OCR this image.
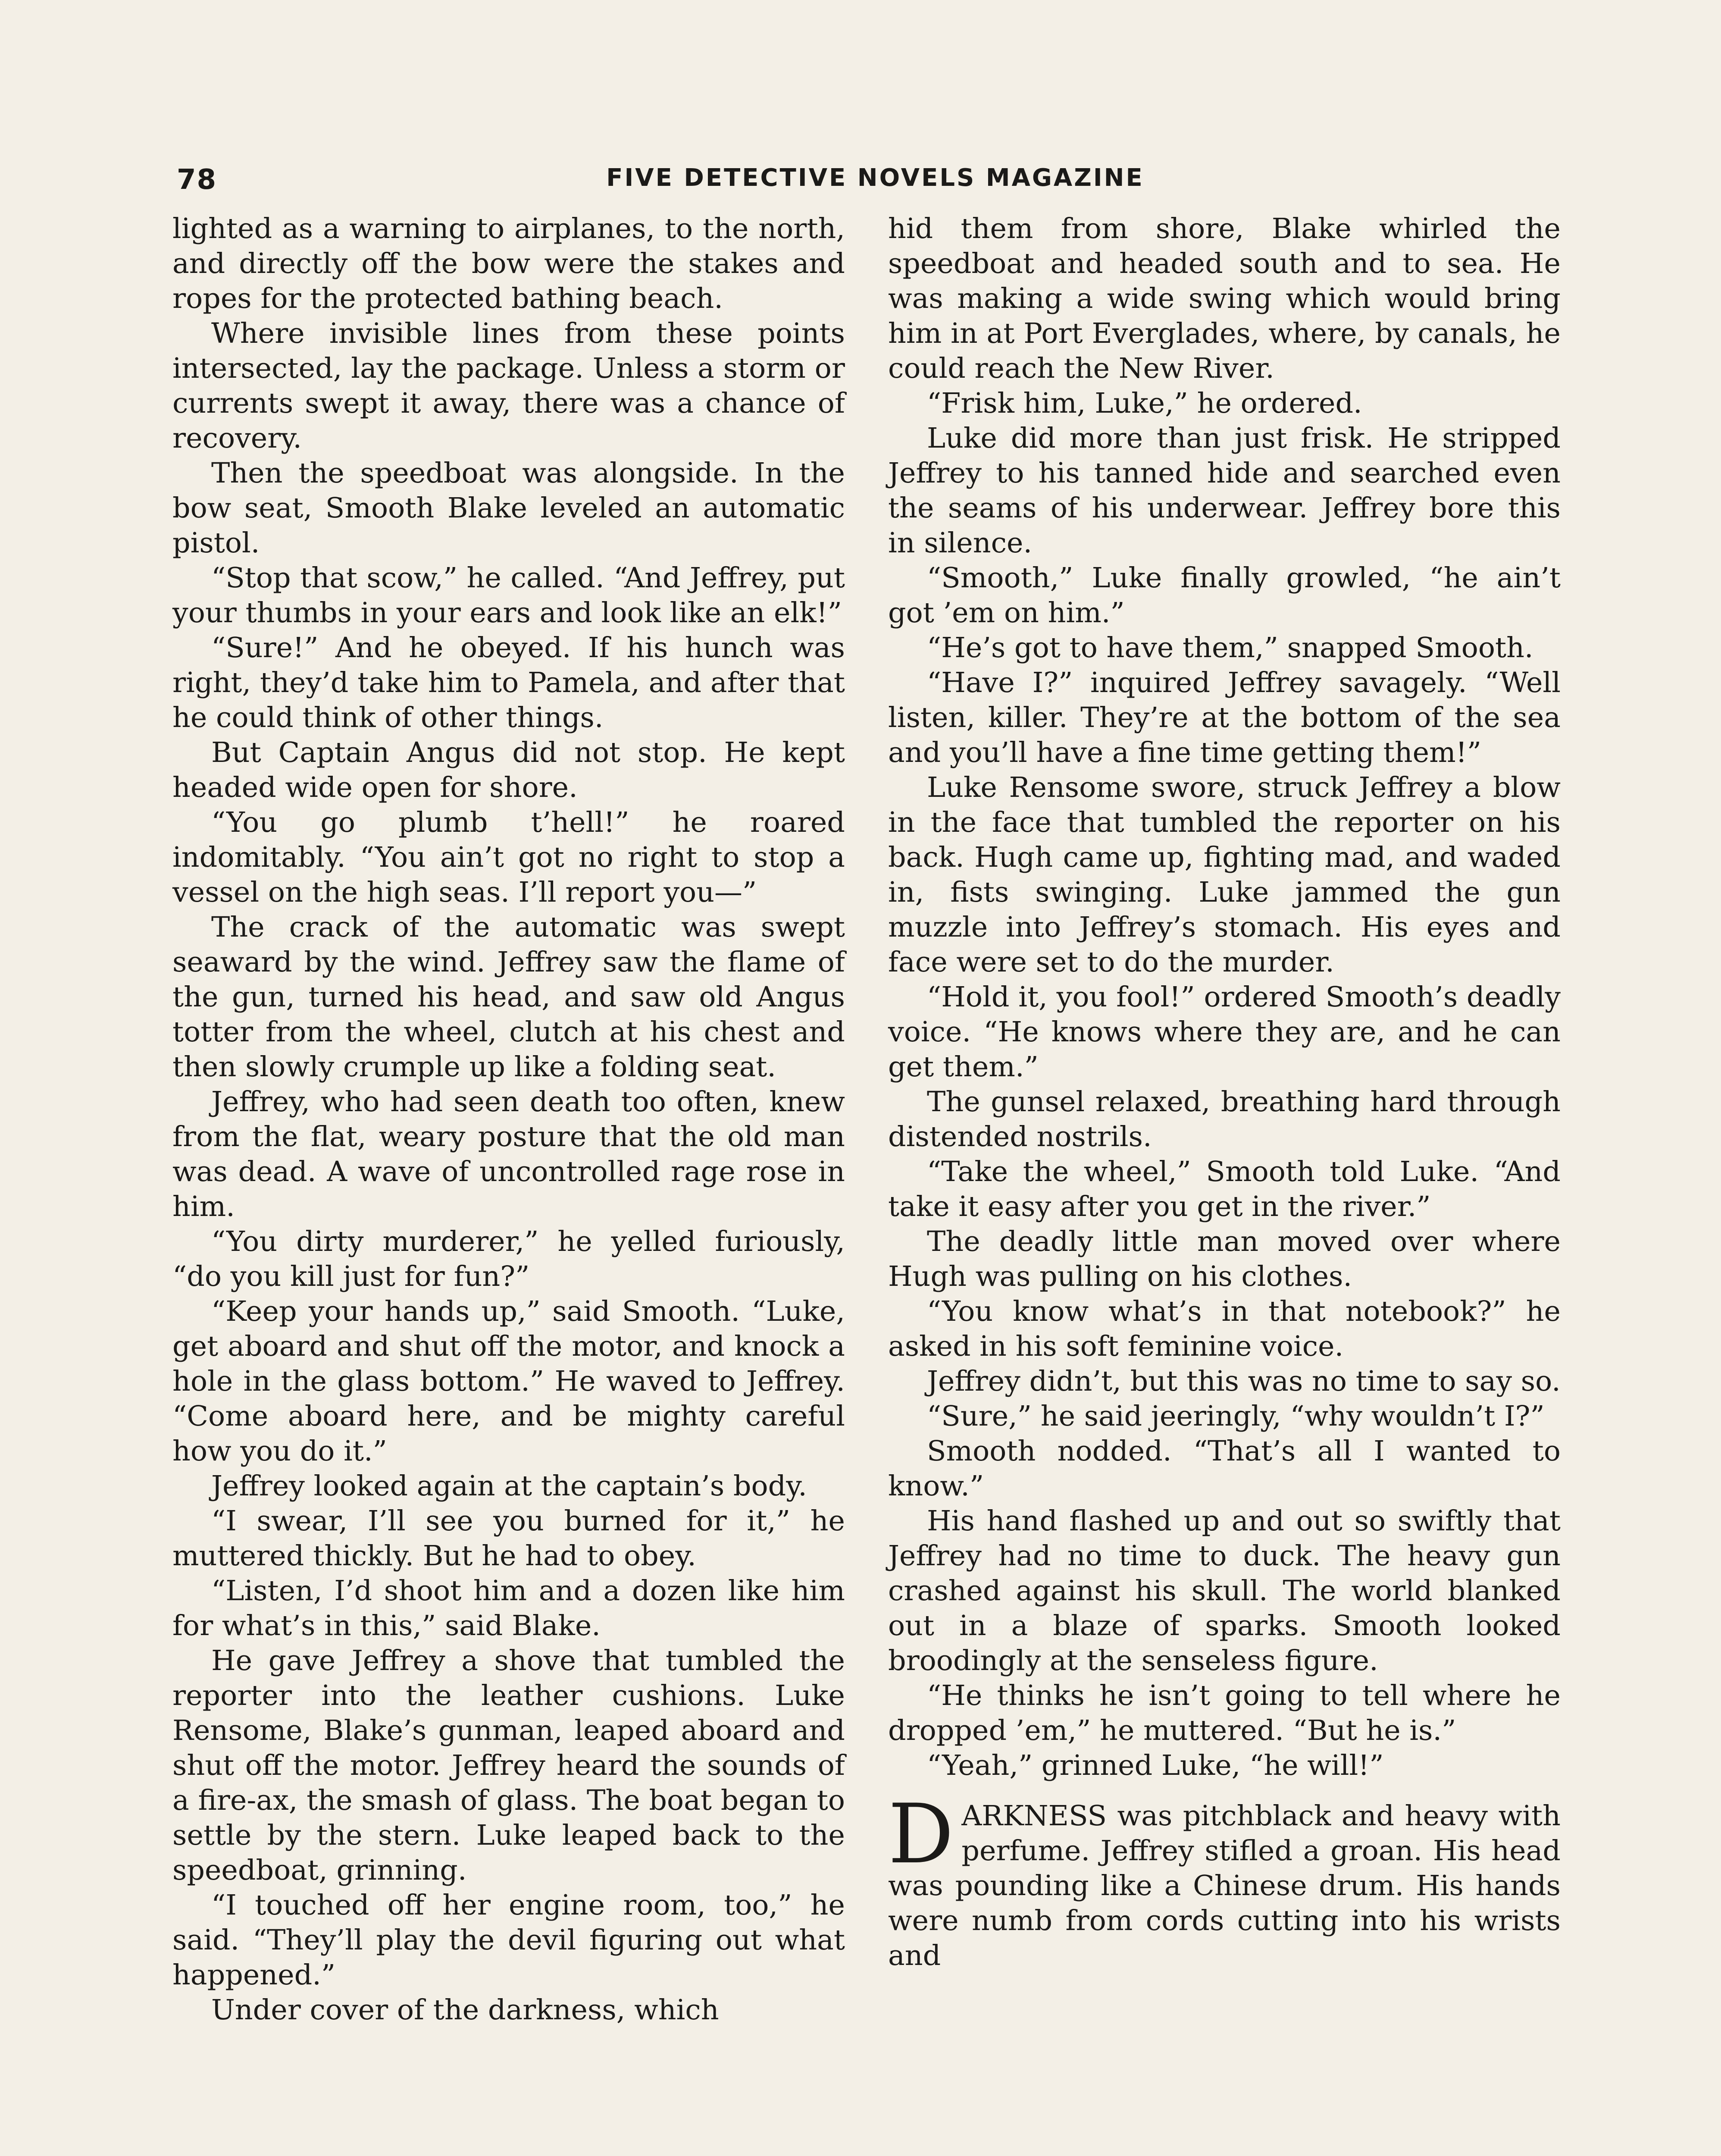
78	FIVE DETECTIVE NOVELS MAGAZINE

lighted as a warning to airplanes, to the north, and directly off the bow were the stakes and ropes for the protected bathing beach.

Where invisible lines from these points intersected, lay the package. Unless a storm or currents swept it away, there was a chance of recovery.

Then the speedboat was alongside. In the bow seat, Smooth Blake leveled an automatic pistol.

“Stop that scow,” he called. “And Jeffrey, put your thumbs in your ears and look like an elk!”

“Sure!” And he obeyed. If his hunch was right, they’d take him to Pamela, and after that he could think of other things.

But Captain Angus did not stop. He kept headed wide open for shore.

“You go plumb t’hell!” he roared indomitably. “You ain’t got no right to stop a vessel on the high seas. I’ll report you—”

The crack of the automatic was swept seaward by the wind. Jeffrey saw the flame of the gun, turned his head, and saw old Angus totter from the wheel, clutch at his chest and then slowly crumple up like a folding seat.

Jeffrey, who had seen death too often, knew from the flat, weary posture that the old man was dead. A wave of uncontrolled rage rose in him.

“You dirty murderer,” he yelled furiously, “do you kill just for fun?”

“Keep your hands up,” said Smooth. “Luke, get aboard and shut off the motor, and knock a hole in the glass bottom.” He waved to Jeffrey. “Come aboard here, and be mighty careful how you do it.”

Jeffrey looked again at the captain’s body.

“I swear, I’ll see you burned for it,” he muttered thickly. But he had to obey.

“Listen, I’d shoot him and a dozen like him for what’s in this,” said Blake.

He gave Jeffrey a shove that tumbled the reporter into the leather cushions. Luke Rensome, Blake’s gunman, leaped aboard and shut off the motor. Jeffrey heard the sounds of a fire-ax, the smash of glass. The boat began to settle by the stern. Luke leaped back to the speedboat, grinning.

“I touched off her engine room, too,” he said. “They’ll play the devil figuring out what happened.”

Under cover of the darkness, which

hid them from shore, Blake whirled the speedboat and headed south and to sea. He was making a wide swing which would bring him in at Port Everglades, where, by canals, he could reach the New River.

“Frisk him, Luke,” he ordered.

Luke did more than just frisk. He stripped Jeffrey to his tanned hide and searched even the seams of his underwear. Jeffrey bore this in silence.

“Smooth,” Luke finally growled, “he ain’t got ’em on him.”

“He’s got to have them,” snapped Smooth.

“Have I?” inquired Jeffrey savagely. “Well listen, killer. They’re at the bottom of the sea and you’ll have a fine time getting them!”

Luke Rensome swore, struck Jeffrey a blow in the face that tumbled the reporter on his back. Hugh came up, fighting mad, and waded in, fists swinging. Luke jammed the gun muzzle into Jeffrey’s stomach. His eyes and face were set to do the murder.

“Hold it, you fool!” ordered Smooth’s deadly voice. “He knows where they are, and he can get them.”

The gunsel relaxed, breathing hard through distended nostrils.

“Take the wheel,” Smooth told Luke. “And take it easy after you get in the river.”

The deadly little man moved over where Hugh was pulling on his clothes.

“You know what’s in that notebook?” he asked in his soft feminine voice.

Jeffrey didn’t, but this was no time to say so.

“Sure,” he said jeeringly, “why wouldn’t I?”

Smooth nodded. “That’s all I wanted to know.”

His hand flashed up and out so swiftly that Jeffrey had no time to duck. The heavy gun crashed against his skull. The world blanked out in a blaze of sparks. Smooth looked broodingly at the senseless figure.

“He thinks he isn’t going to tell where he dropped ’em,” he muttered. “But he is.”

“Yeah,” grinned Luke, “he will!”

DARKNESS was pitchblack and heavy with perfume. Jeffrey stifled a groan. His head was pounding like a Chinese drum. His hands were numb from cords cutting into his wrists and
